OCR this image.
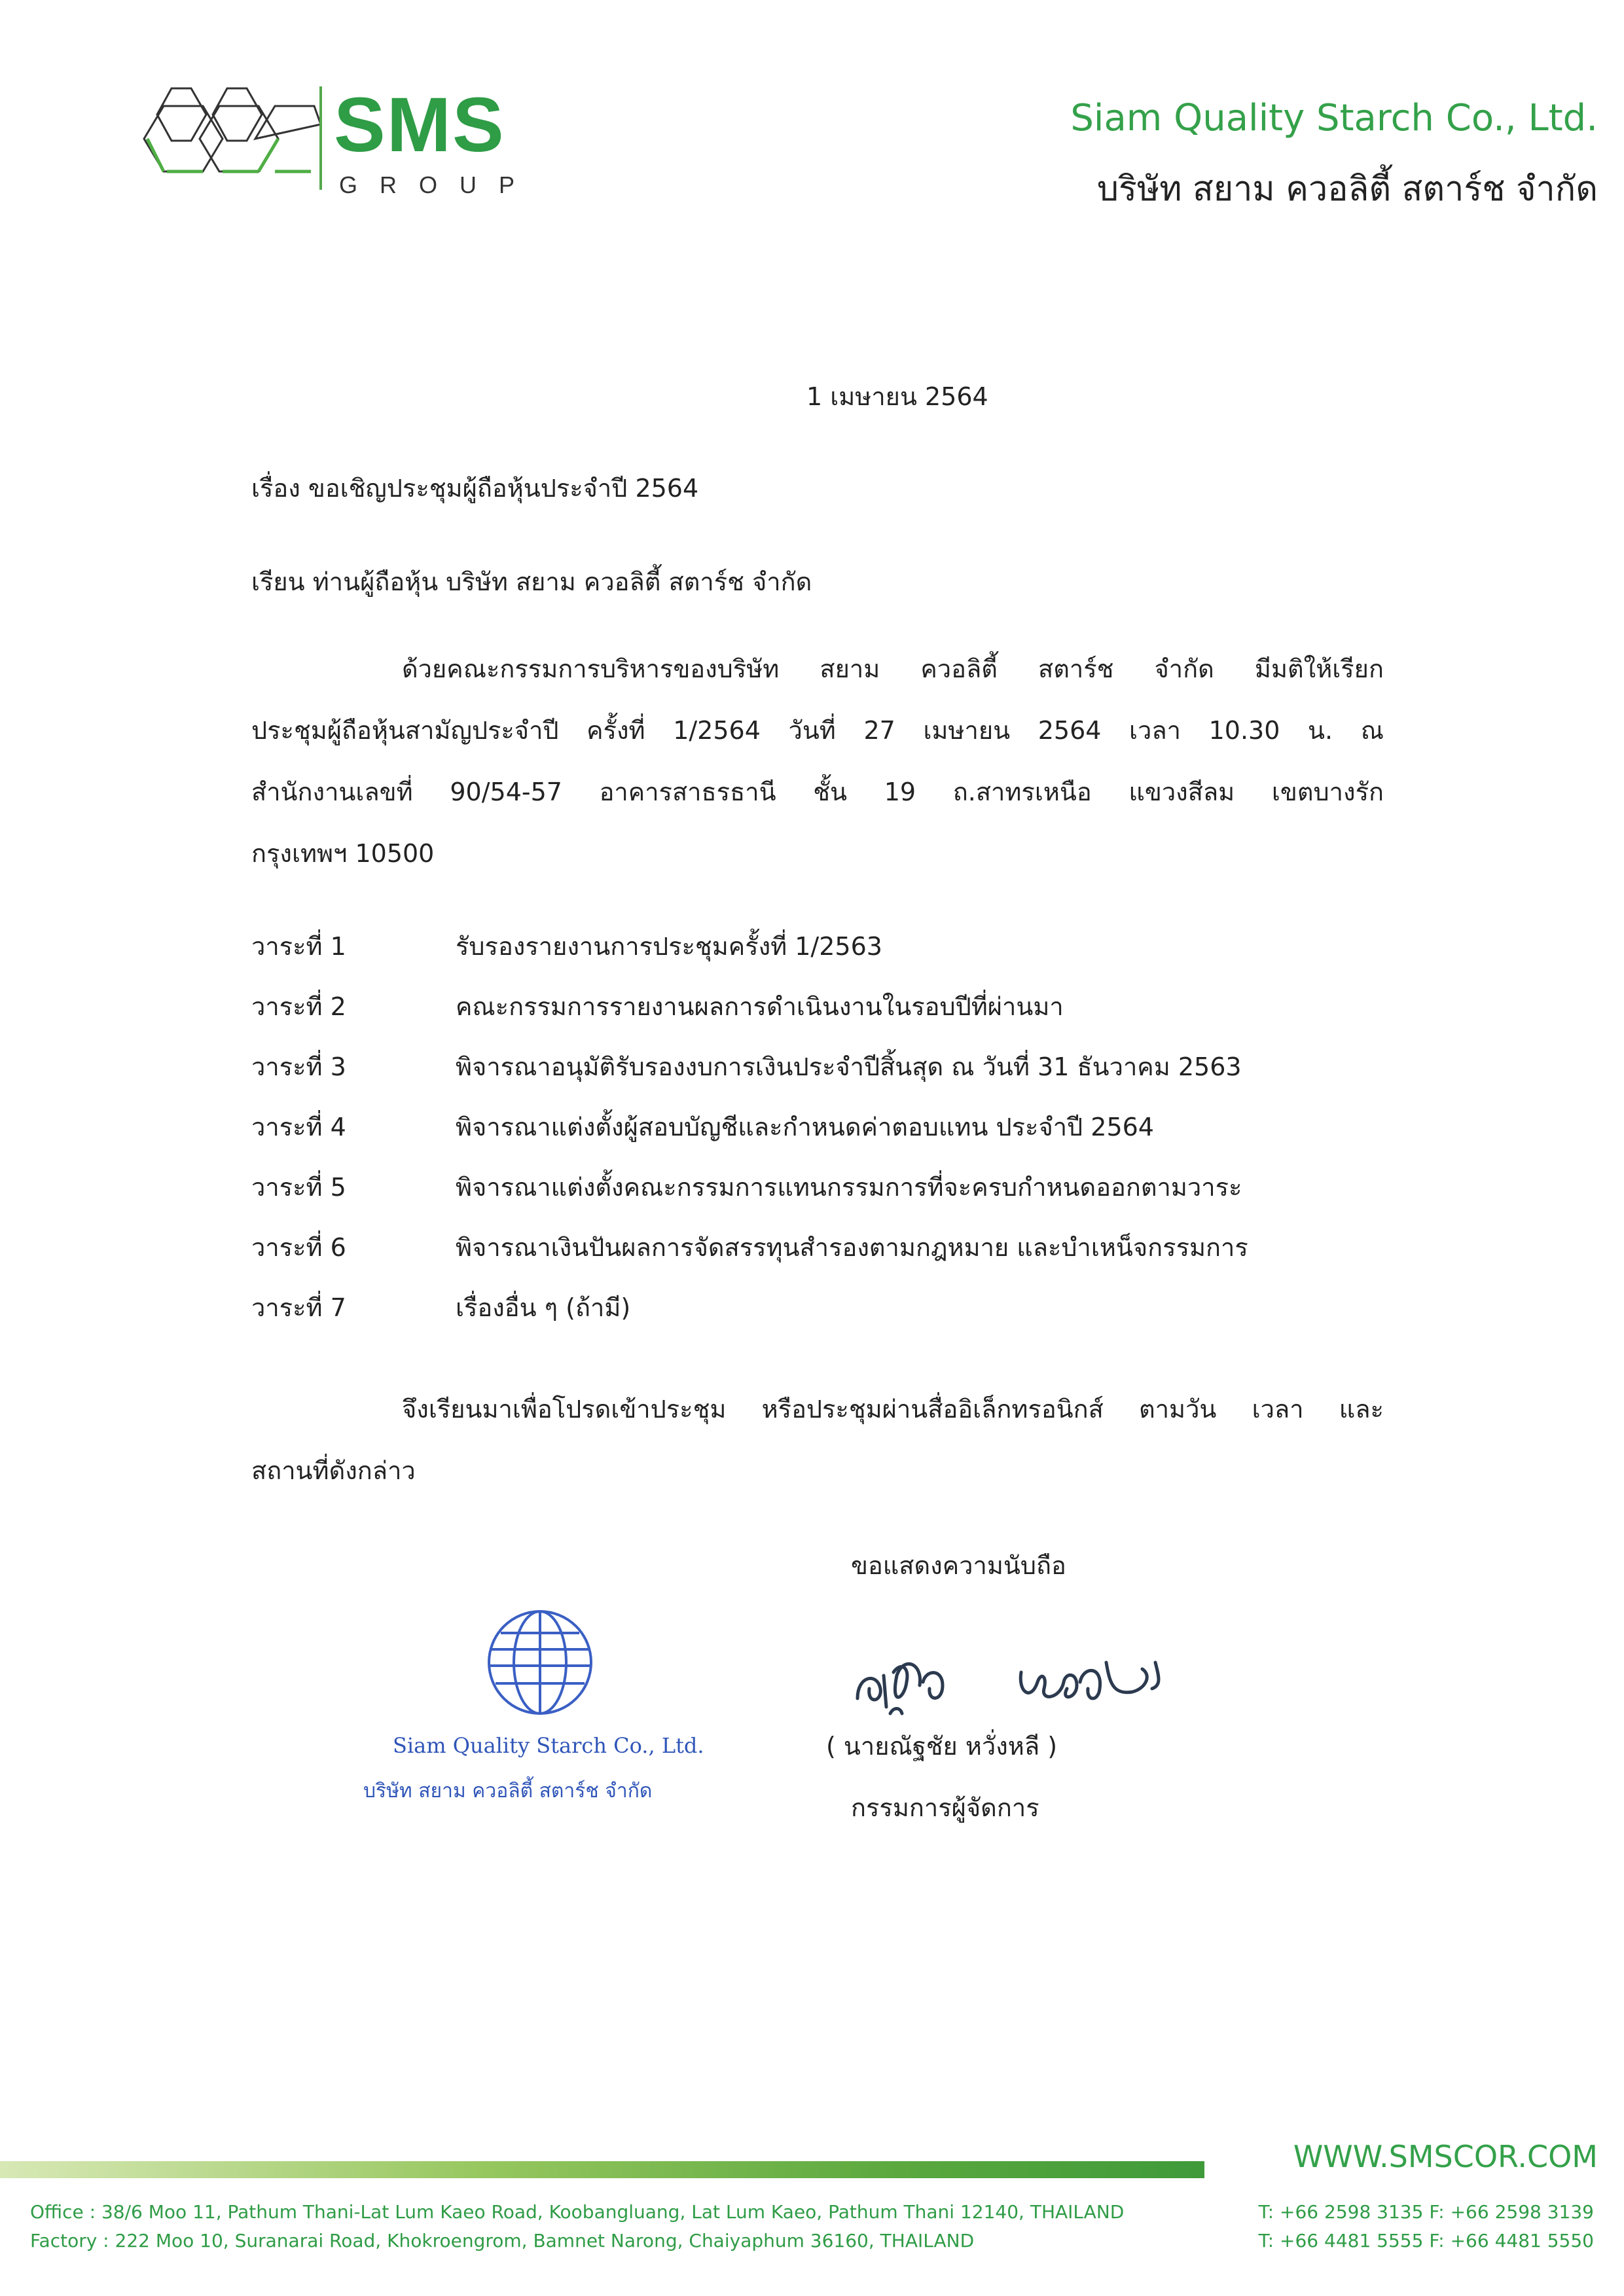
SMS
GROUP
Siam Quality Starch Co., Ltd.
บริษัท สยาม ควอลิตี้ สตาร์ช จำกัด
1 เมษายน 2564
เรื่อง ขอเชิญประชุมผู้ถือหุ้นประจำปี 2564
เรียน ท่านผู้ถือหุ้น บริษัท สยาม ควอลิตี้ สตาร์ช จำกัด
ด้วยคณะกรรมการบริหารของบริษัท สยาม ควอลิตี้ สตาร์ช จำกัด มีมติให้เรียก
ประชุมผู้ถือหุ้นสามัญประจำปี ครั้งที่ 1/2564 วันที่ 27 เมษายน 2564 เวลา 10.30 น. ณ
สำนักงานเลขที่ 90/54-57 อาคารสาธรธานี ชั้น 19 ถ.สาทรเหนือ แขวงสีลม เขตบางรัก
กรุงเทพฯ 10500
วาระที่ 1	รับรองรายงานการประชุมครั้งที่ 1/2563
วาระที่ 2	คณะกรรมการรายงานผลการดำเนินงานในรอบปีที่ผ่านมา
วาระที่ 3	พิจารณาอนุมัติรับรองงบการเงินประจำปีสิ้นสุด ณ วันที่ 31 ธันวาคม 2563
วาระที่ 4	พิจารณาแต่งตั้งผู้สอบบัญชีและกำหนดค่าตอบแทน ประจำปี 2564
วาระที่ 5	พิจารณาแต่งตั้งคณะกรรมการแทนกรรมการที่จะครบกำหนดออกตามวาระ
วาระที่ 6	พิจารณาเงินปันผลการจัดสรรทุนสำรองตามกฎหมาย และบำเหน็จกรรมการ
วาระที่ 7	เรื่องอื่น ๆ (ถ้ามี)
จึงเรียนมาเพื่อโปรดเข้าประชุม หรือประชุมผ่านสื่ออิเล็กทรอนิกส์ ตามวัน เวลา และ
สถานที่ดังกล่าว
ขอแสดงความนับถือ
Siam Quality Starch Co., Ltd.
บริษัท สยาม ควอลิตี้ สตาร์ช จำกัด
( นายณัฐชัย หวั่งหลี )
กรรมการผู้จัดการ
WWW.SMSCOR.COM
Office : 38/6 Moo 11, Pathum Thani-Lat Lum Kaeo Road, Koobangluang, Lat Lum Kaeo, Pathum Thani 12140, THAILAND
Factory : 222 Moo 10, Suranarai Road, Khokroengrom, Bamnet Narong, Chaiyaphum 36160, THAILAND
T: +66 2598 3135 F: +66 2598 3139
T: +66 4481 5555 F: +66 4481 5550
